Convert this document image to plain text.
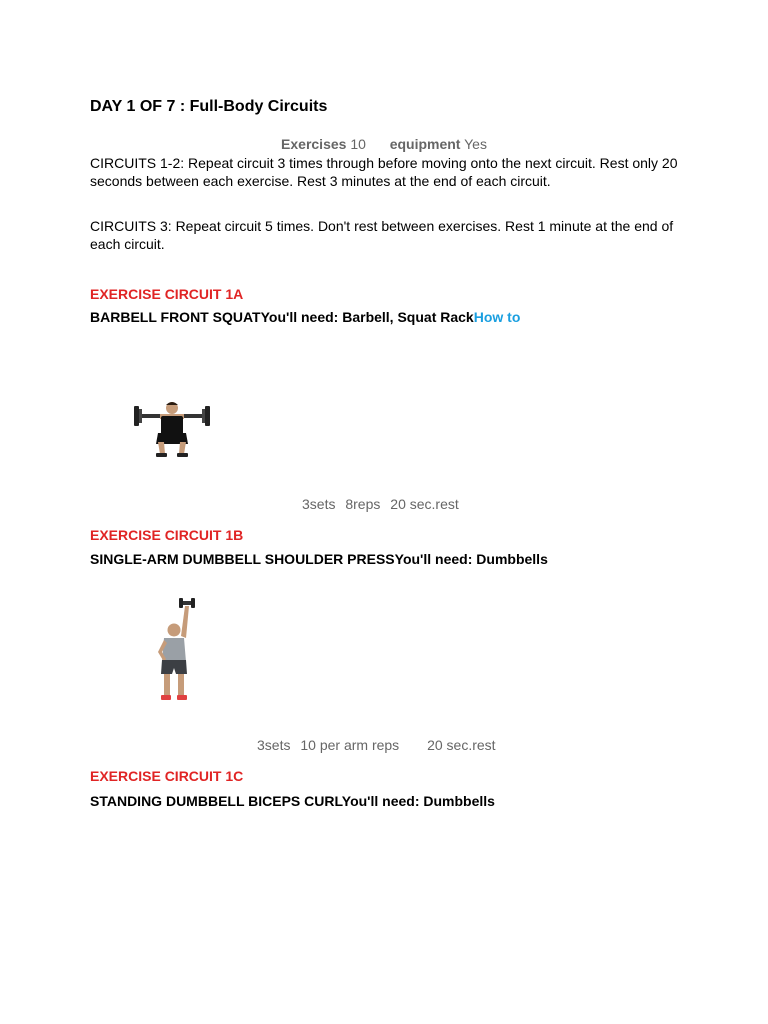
DAY 1 OF 7 : Full-Body Circuits
Exercises 10 equipment Yes

CIRCUITS 1-2: Repeat circuit 3 times through before moving onto the next circuit. Rest only 20 seconds between each exercise. Rest 3 minutes at the end of each circuit.

CIRCUITS 3: Repeat circuit 5 times. Don't rest between exercises. Rest 1 minute at the end of each circuit.

EXERCISE CIRCUIT 1A
BARBELL FRONT SQUATYou'll need: Barbell, Squat RackHow to
3sets 8reps 20 sec.rest
EXERCISE CIRCUIT 1B
SINGLE-ARM DUMBBELL SHOULDER PRESSYou'll need: Dumbbells
3sets 10 per arm reps 20 sec.rest
EXERCISE CIRCUIT 1C
STANDING DUMBBELL BICEPS CURLYou'll need: Dumbbells
